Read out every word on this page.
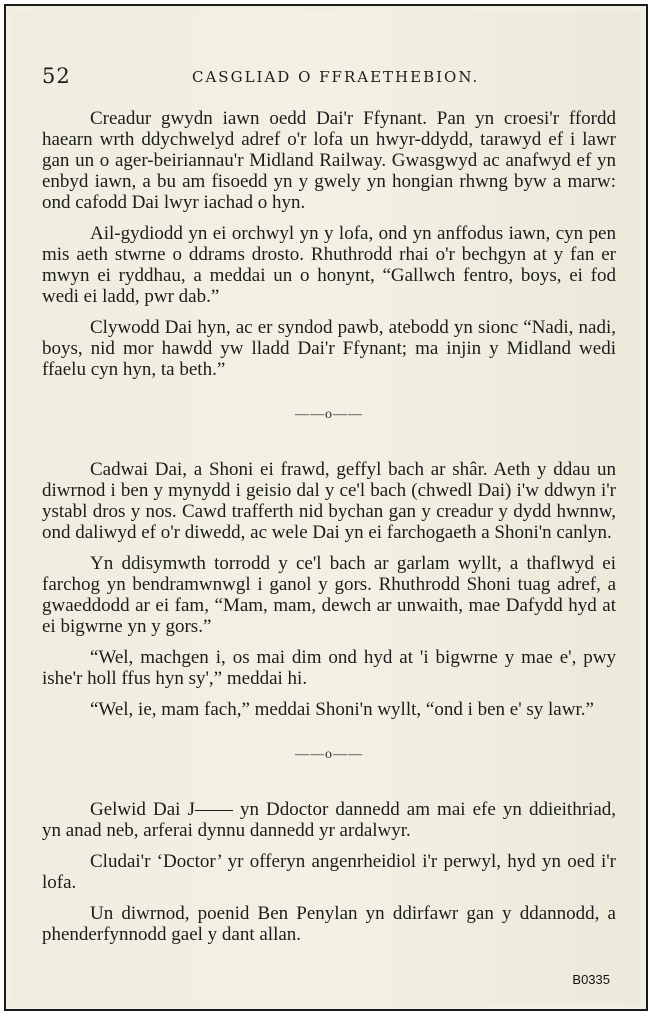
52	CASGLIAD O FFRAETHEBION.

Creadur gwydn iawn oedd Dai'r Ffynant. Pan yn croesi'r ffordd haearn wrth ddychwelyd adref o'r lofa un hwyr-ddydd, tarawyd ef i lawr gan un o ager-beiriannau'r Midland Railway. Gwasgwyd ac anafwyd ef yn enbyd iawn, a bu am fisoedd yn y gwely yn hongian rhwng byw a marw: ond cafodd Dai lwyr iachad o hyn.

Ail-gydiodd yn ei orchwyl yn y lofa, ond yn anffodus iawn, cyn pen mis aeth stwrne o ddrams drosto. Rhuthrodd rhai o'r bechgyn at y fan er mwyn ei ryddhau, a meddai un o honynt, “Gallwch fentro, boys, ei fod wedi ei ladd, pwr dab.”

Clywodd Dai hyn, ac er syndod pawb, atebodd yn sionc “Nadi, nadi, boys, nid mor hawdd yw lladd Dai'r Ffynant; ma injin y Midland wedi ffaelu cyn hyn, ta beth.”

——o——

Cadwai Dai, a Shoni ei frawd, geffyl bach ar shâr. Aeth y ddau un diwrnod i ben y mynydd i geisio dal y ce'l bach (chwedl Dai) i'w ddwyn i'r ystabl dros y nos. Cawd trafferth nid bychan gan y creadur y dydd hwnnw, ond daliwyd ef o'r diwedd, ac wele Dai yn ei farchogaeth a Shoni'n canlyn.

Yn ddisymwth torrodd y ce'l bach ar garlam wyllt, a thaflwyd ei farchog yn bendramwnwgl i ganol y gors. Rhuthrodd Shoni tuag adref, a gwaeddodd ar ei fam, “Mam, mam, dewch ar unwaith, mae Dafydd hyd at ei bigwrne yn y gors.”

“Wel, machgen i, os mai dim ond hyd at 'i bigwrne y mae e', pwy ishe'r holl ffus hyn sy',” meddai hi.

“Wel, ie, mam fach,” meddai Shoni'n wyllt, “ond i ben e' sy lawr.”

——o——

Gelwid Dai J—— yn Ddoctor dannedd am mai efe yn ddieithriad, yn anad neb, arferai dynnu dannedd yr ardalwyr.

Cludai'r ‘Doctor’ yr offeryn angenrheidiol i'r perwyl, hyd yn oed i'r lofa.

Un diwrnod, poenid Ben Penylan yn ddirfawr gan y ddannodd, a phenderfynnodd gael y dant allan.

B0335
